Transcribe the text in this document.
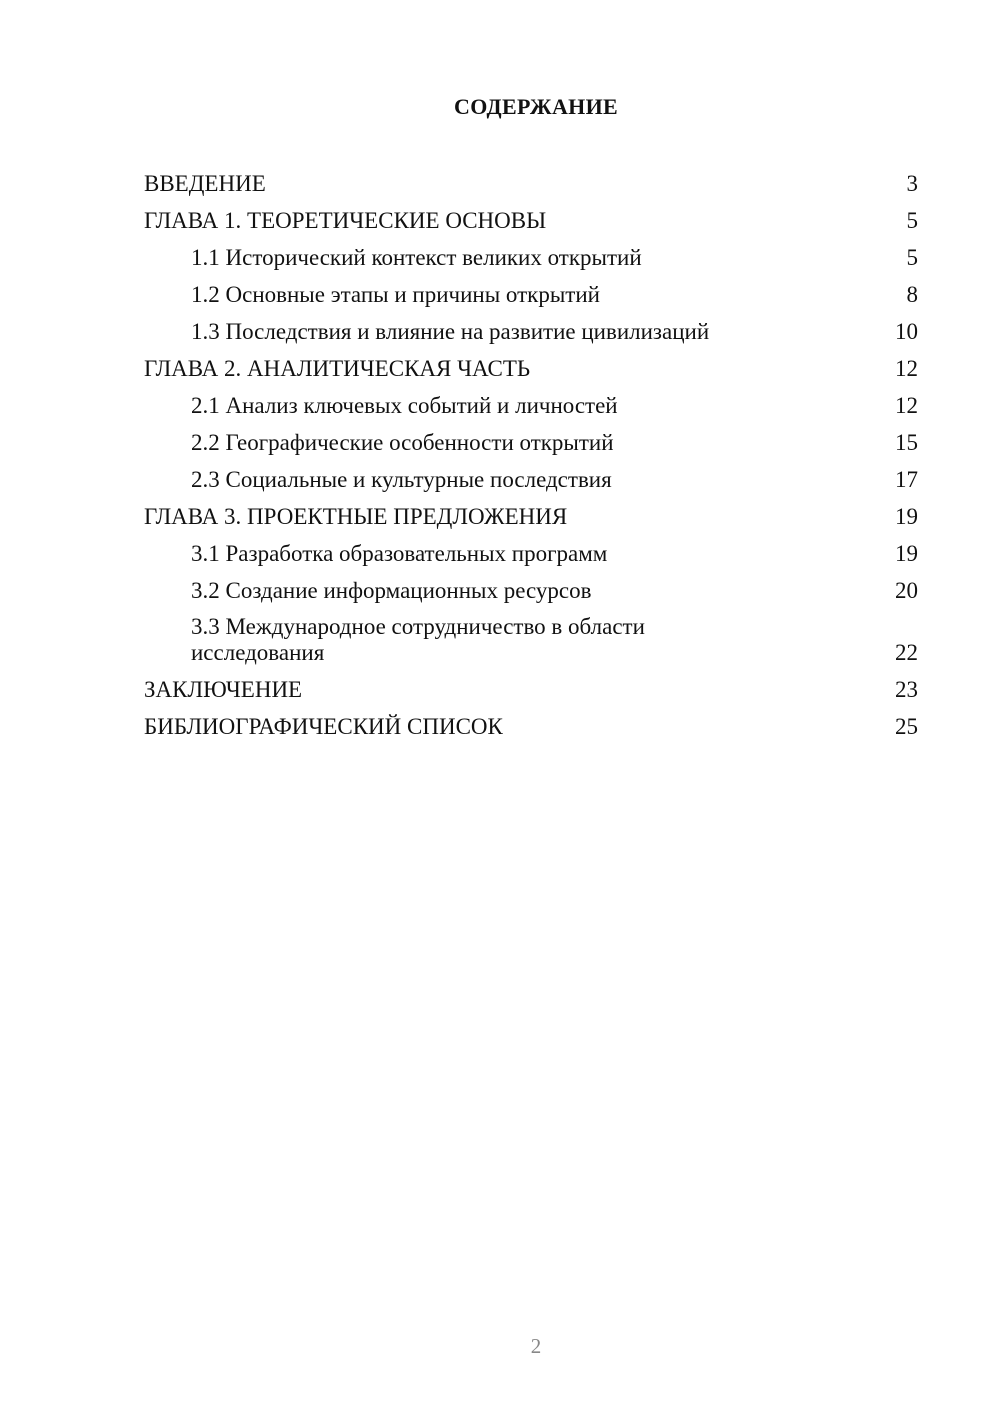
СОДЕРЖАНИЕ
ВВЕДЕНИЕ	3
ГЛАВА 1. ТЕОРЕТИЧЕСКИЕ ОСНОВЫ	5
1.1 Исторический контекст великих открытий	5
1.2 Основные этапы и причины открытий	8
1.3 Последствия и влияние на развитие цивилизаций	10
ГЛАВА 2. АНАЛИТИЧЕСКАЯ ЧАСТЬ	12
2.1 Анализ ключевых событий и личностей	12
2.2 Географические особенности открытий	15
2.3 Социальные и культурные последствия	17
ГЛАВА 3. ПРОЕКТНЫЕ ПРЕДЛОЖЕНИЯ	19
3.1 Разработка образовательных программ	19
3.2 Создание информационных ресурсов	20
3.3 Международное сотрудничество в области исследования	22
ЗАКЛЮЧЕНИЕ	23
БИБЛИОГРАФИЧЕСКИЙ СПИСОК	25
2
